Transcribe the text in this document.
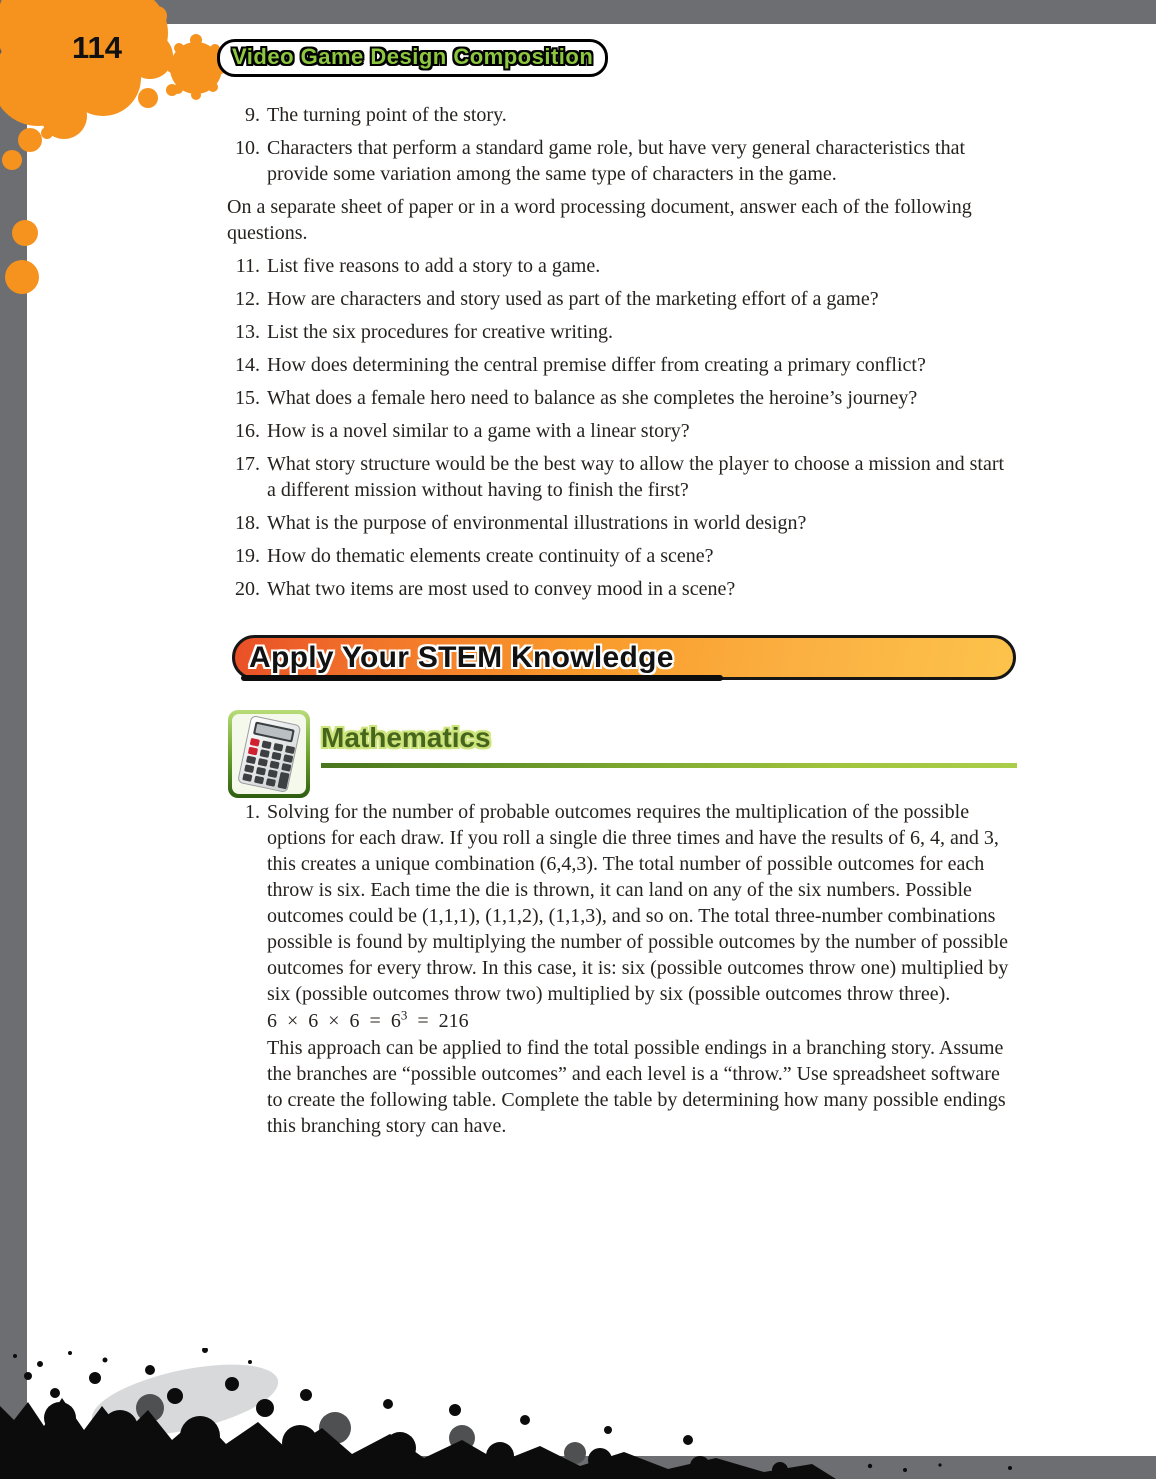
114	Video Game Design Composition
9. The turning point of the story.
10. Characters that perform a standard game role, but have very general characteristics that provide some variation among the same type of characters in the game.

On a separate sheet of paper or in a word processing document, answer each of the following questions.

11. List five reasons to add a story to a game.
12. How are characters and story used as part of the marketing effort of a game?
13. List the six procedures for creative writing.
14. How does determining the central premise differ from creating a primary conflict?
15. What does a female hero need to balance as she completes the heroine’s journey?
16. How is a novel similar to a game with a linear story?
17. What story structure would be the best way to allow the player to choose a mission and start a different mission without having to finish the first?
18. What is the purpose of environmental illustrations in world design?
19. How do thematic elements create continuity of a scene?
20. What two items are most used to convey mood in a scene?
Apply Your STEM Knowledge
Mathematics
1. Solving for the number of probable outcomes requires the multiplication of the possible options for each draw. If you roll a single die three times and have the results of 6, 4, and 3, this creates a unique combination (6,4,3). The total number of possible outcomes for each throw is six. Each time the die is thrown, it can land on any of the six numbers. Possible outcomes could be (1,1,1), (1,1,2), (1,1,3), and so on. The total three-number combinations possible is found by multiplying the number of possible outcomes by the number of possible outcomes for every throw. In this case, it is: six (possible outcomes throw one) multiplied by six (possible outcomes throw two) multiplied by six (possible outcomes throw three).
$6 \times 6 \times 6 = 6^3 = 216$
This approach can be applied to find the total possible endings in a branching story. Assume the branches are “possible outcomes” and each level is a “throw.” Use spreadsheet software to create the following table. Complete the table by determining how many possible endings this branching story can have.
